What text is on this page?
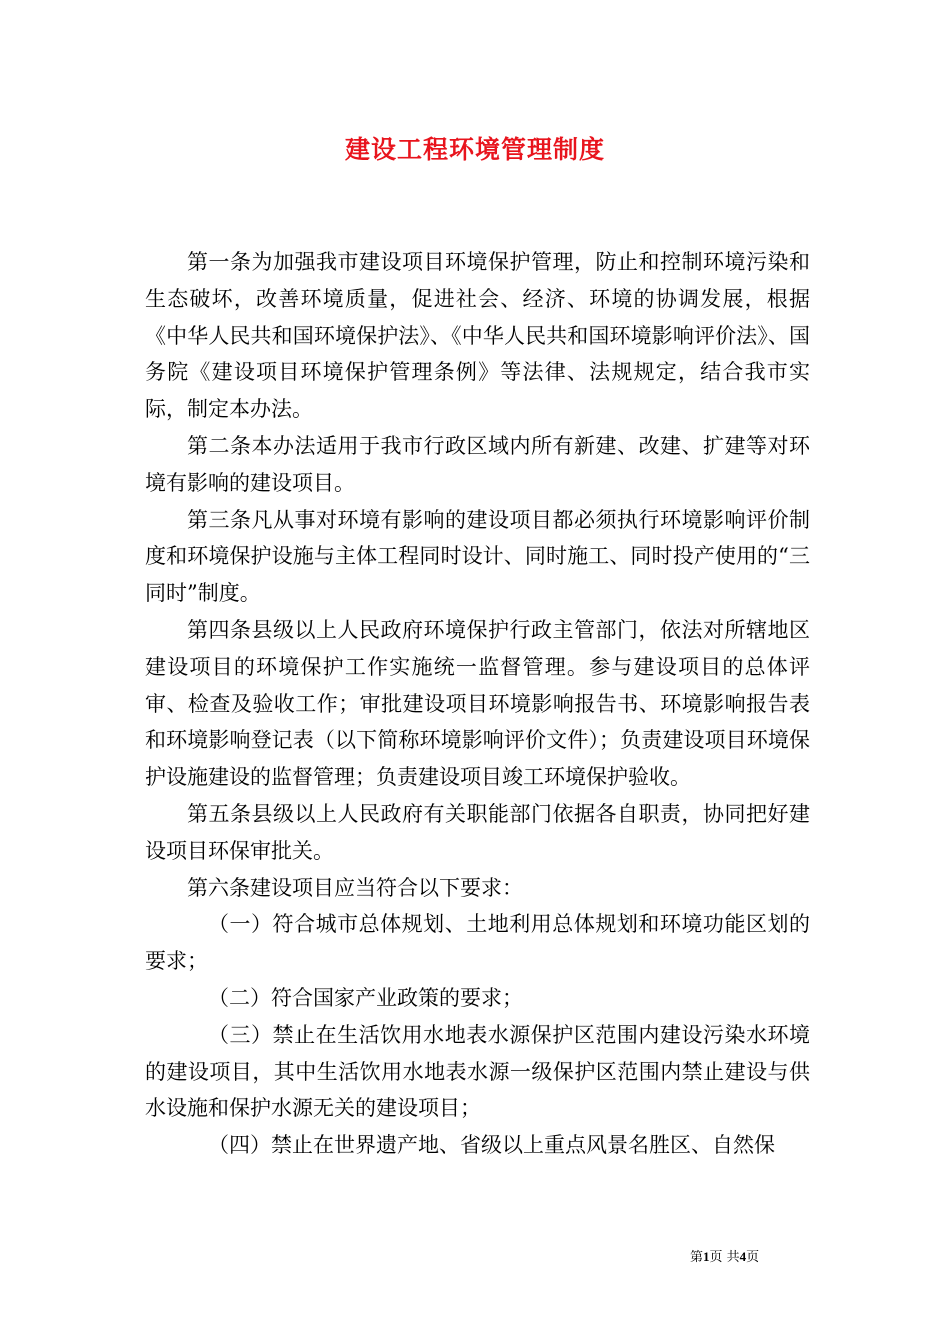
建设工程环境管理制度

第一条为加强我市建设项目环境保护管理，防止和控制环境污染和生态破坏，改善环境质量，促进社会、经济、环境的协调发展，根据《中华人民共和国环境保护法》、《中华人民共和国环境影响评价法》、国务院《建设项目环境保护管理条例》等法律、法规规定，结合我市实际，制定本办法。

第二条本办法适用于我市行政区域内所有新建、改建、扩建等对环境有影响的建设项目。

第三条凡从事对环境有影响的建设项目都必须执行环境影响评价制度和环境保护设施与主体工程同时设计、同时施工、同时投产使用的“三同时”制度。

第四条县级以上人民政府环境保护行政主管部门，依法对所辖地区建设项目的环境保护工作实施统一监督管理。参与建设项目的总体评审、检查及验收工作；审批建设项目环境影响报告书、环境影响报告表和环境影响登记表（以下简称环境影响评价文件）；负责建设项目环境保护设施建设的监督管理；负责建设项目竣工环境保护验收。

第五条县级以上人民政府有关职能部门依据各自职责，协同把好建设项目环保审批关。

第六条建设项目应当符合以下要求：

（一）符合城市总体规划、土地利用总体规划和环境功能区划的要求；

（二）符合国家产业政策的要求；

（三）禁止在生活饮用水地表水源保护区范围内建设污染水环境的建设项目，其中生活饮用水地表水源一级保护区范围内禁止建设与供水设施和保护水源无关的建设项目；

（四）禁止在世界遗产地、省级以上重点风景名胜区、自然保

第1页 共4页
